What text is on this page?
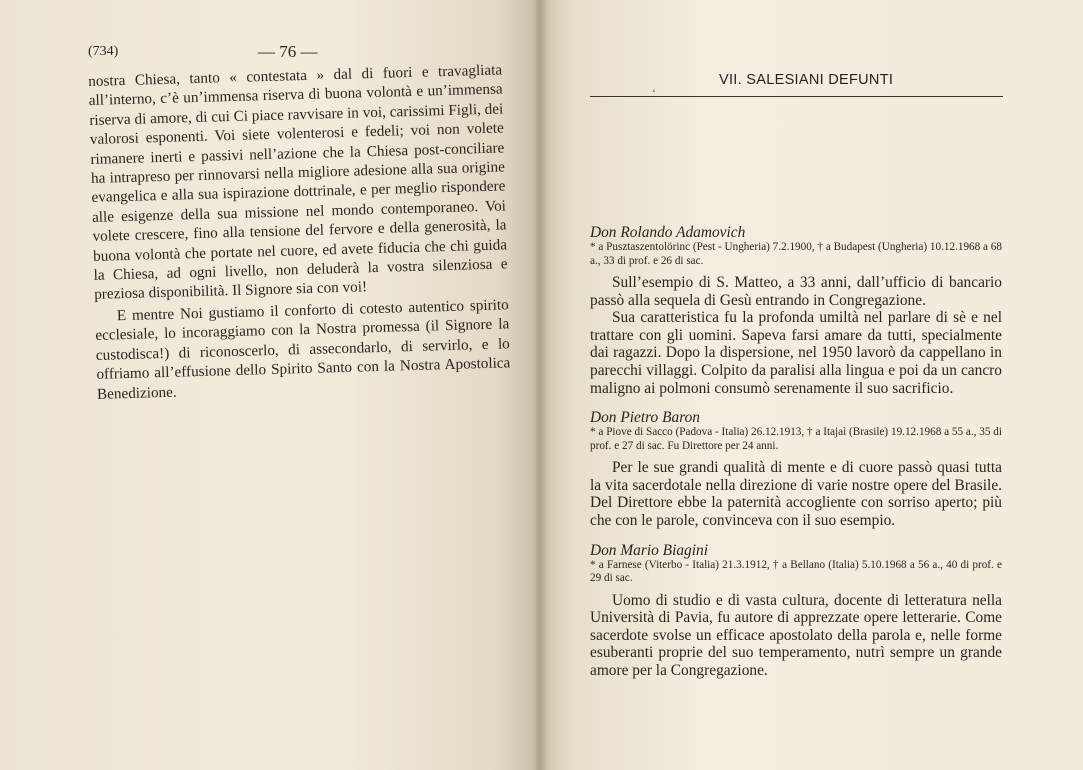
(734)	— 76 —

nostra Chiesa, tanto « contestata » dal di fuori e travagliata all’interno, c’è un’immensa riserva di buona volontà e un’immensa riserva di amore, di cui Ci piace ravvisare in voi, carissimi Figli, dei valorosi esponenti. Voi siete volenterosi e fedeli; voi non volete rimanere inerti e passivi nell’azione che la Chiesa post-conciliare ha intrapreso per rinnovarsi nella migliore adesione alla sua origine evangelica e alla sua ispirazione dottrinale, e per meglio rispondere alle esigenze della sua missione nel mondo contemporaneo. Voi volete crescere, fino alla tensione del fervore e della generosità, la buona volontà che portate nel cuore, ed avete fiducia che chi guida la Chiesa, ad ogni livello, non deluderà la vostra silenziosa e preziosa disponibilità. Il Signore sia con voi!

E mentre Noi gustiamo il conforto di cotesto autentico spirito ecclesiale, lo incoraggiamo con la Nostra promessa (il Signore la custodisca!) di riconoscerlo, di assecondarlo, di servirlo, e lo offriamo all’effusione dello Spirito Santo con la Nostra Apostolica Benedizione.

VII. SALESIANI DEFUNTI
ʻ

Don Rolando Adamovich

* a Pusztaszentolörinc (Pest - Ungheria) 7.2.1900, † a Budapest (Ungheria) 10.12.1968 a 68 a., 33 di prof. e 26 di sac.

Sull’esempio di S. Matteo, a 33 anni, dall’ufficio di bancario passò alla sequela di Gesù entrando in Congregazione.

Sua caratteristica fu la profonda umiltà nel parlare di sè e nel trattare con gli uomini. Sapeva farsi amare da tutti, specialmente dai ragazzi. Dopo la dispersione, nel 1950 lavorò da cappellano in parecchi villaggi. Colpito da paralisi alla lingua e poi da un cancro maligno ai polmoni consumò serenamente il suo sacrificio.

Don Pietro Baron

* a Piove di Sacco (Padova - Italia) 26.12.1913, † a Itajaì (Brasile) 19.12.1968 a 55 a., 35 di prof. e 27 di sac. Fu Direttore per 24 anni.

Per le sue grandi qualità di mente e di cuore passò quasi tutta la vita sacerdotale nella direzione di varie nostre opere del Brasile. Del Direttore ebbe la paternità accogliente con sorriso aperto; più che con le parole, convinceva con il suo esempio.

Don Mario Biagini

* a Farnese (Viterbo - Italia) 21.3.1912, † a Bellano (Italia) 5.10.1968 a 56 a., 40 di prof. e 29 di sac.

Uomo di studio e di vasta cultura, docente di letteratura nella Università di Pavia, fu autore di apprezzate opere letterarie. Come sacerdote svolse un efficace apostolato della parola e, nelle forme esuberanti proprie del suo temperamento, nutrì sempre un grande amore per la Congregazione.
